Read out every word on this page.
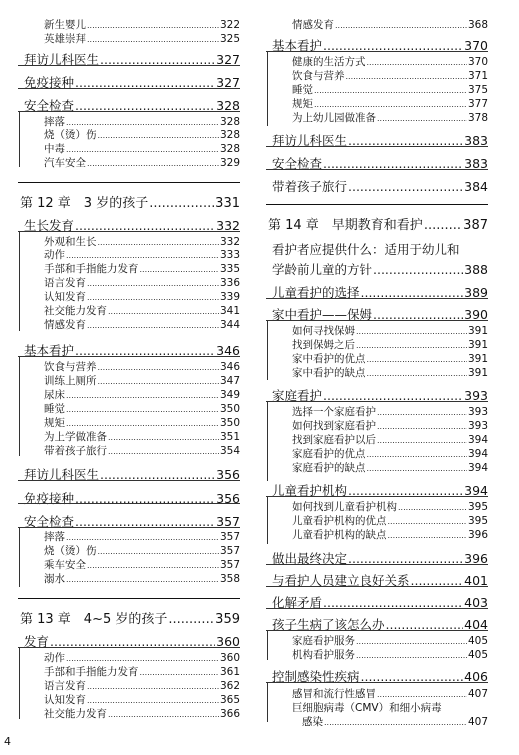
新生婴儿 .....	322
英雄崇拜 .....	325
拜访儿科医生 .....	327
免疫接种 .....	327
安全检查 .....	328
摔落 .....	328
烧（烫）伤 .....	328
中毒 .....	328
汽车安全 .....	329
第 12 章　3 岁的孩子 .....	331
生长发育 .....	332
外观和生长 .....	332
动作 .....	333
手部和手指能力发育 .....	335
语言发育 .....	336
认知发育 .....	339
社交能力发育 .....	341
情感发育 .....	344
基本看护 .....	346
饮食与营养 .....	346
训练上厕所 .....	347
尿床 .....	349
睡觉 .....	350
规矩 .....	350
为上学做准备 .....	351
带着孩子旅行 .....	354
拜访儿科医生 .....	356
免疫接种 .....	356
安全检查 .....	357
摔落 .....	357
烧（烫）伤 .....	357
乘车安全 .....	357
溺水 .....	358
第 13 章　4~5 岁的孩子 .....	359
发育 .....	360
动作 .....	360
手部和手指能力发育 .....	361
语言发育 .....	362
认知发育 .....	365
社交能力发育 .....	366
情感发育 .....	368
基本看护 .....	370
健康的生活方式 .....	370
饮食与营养 .....	371
睡觉 .....	375
规矩 .....	377
为上幼儿园做准备 .....	378
拜访儿科医生 .....	383
安全检查 .....	383
带着孩子旅行 .....	384
第 14 章　早期教育和看护 .....	387
看护者应提供什么：适用于幼儿和
学龄前儿童的方针 .....	388
儿童看护的选择 .....	389
家中看护——保姆 .....	390
如何寻找保姆 .....	391
找到保姆之后 .....	391
家中看护的优点 .....	391
家中看护的缺点 .....	391
家庭看护 .....	393
选择一个家庭看护 .....	393
如何找到家庭看护 .....	393
找到家庭看护以后 .....	394
家庭看护的优点 .....	394
家庭看护的缺点 .....	394
儿童看护机构 .....	394
如何找到儿童看护机构 .....	395
儿童看护机构的优点 .....	395
儿童看护机构的缺点 .....	396
做出最终决定 .....	396
与看护人员建立良好关系 .....	401
化解矛盾 .....	403
孩子生病了该怎么办 .....	404
家庭看护服务 .....	405
机构看护服务 .....	405
控制感染性疾病 .....	406
感冒和流行性感冒 .....	407
巨细胞病毒（CMV）和细小病毒
感染 .....	407
4
